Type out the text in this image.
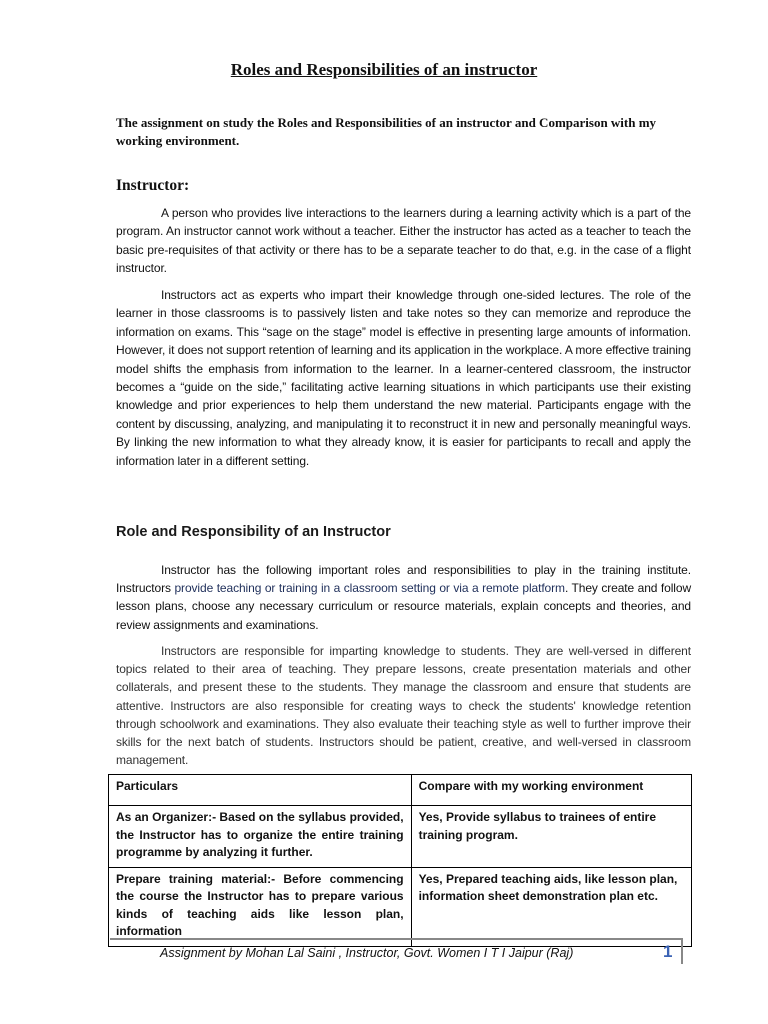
Roles and Responsibilities of an instructor
The assignment on study the Roles and Responsibilities of an instructor and Comparison with my working environment.
Instructor:
A person who provides live interactions to the learners during a learning activity which is a part of the program. An instructor cannot work without a teacher. Either the instructor has acted as a teacher to teach the basic pre-requisites of that activity or there has to be a separate teacher to do that, e.g. in the case of a flight instructor.
Instructors act as experts who impart their knowledge through one-sided lectures. The role of the learner in those classrooms is to passively listen and take notes so they can memorize and reproduce the information on exams. This “sage on the stage” model is effective in presenting large amounts of information. However, it does not support retention of learning and its application in the workplace. A more effective training model shifts the emphasis from information to the learner. In a learner-centered classroom, the instructor becomes a “guide on the side,” facilitating active learning situations in which participants use their existing knowledge and prior experiences to help them understand the new material. Participants engage with the content by discussing, analyzing, and manipulating it to reconstruct it in new and personally meaningful ways. By linking the new information to what they already know, it is easier for participants to recall and apply the information later in a different setting.
Role and Responsibility of an Instructor
Instructor has the following important roles and responsibilities to play in the training institute. Instructors provide teaching or training in a classroom setting or via a remote platform. They create and follow lesson plans, choose any necessary curriculum or resource materials, explain concepts and theories, and review assignments and examinations.
Instructors are responsible for imparting knowledge to students. They are well-versed in different topics related to their area of teaching. They prepare lessons, create presentation materials and other collaterals, and present these to the students. They manage the classroom and ensure that students are attentive. Instructors are also responsible for creating ways to check the students' knowledge retention through schoolwork and examinations. They also evaluate their teaching style as well to further improve their skills for the next batch of students. Instructors should be patient, creative, and well-versed in classroom management.
Particulars	Compare with my working environment
As an Organizer:- Based on the syllabus provided, the Instructor has to organize the entire training programme by analyzing it further.	Yes, Provide syllabus to trainees of entire training program.
Prepare training material:- Before commencing the course the Instructor has to prepare various kinds of teaching aids like lesson plan, information	Yes, Prepared teaching aids, like lesson plan, information sheet demonstration plan etc.
Assignment by Mohan Lal Saini , Instructor, Govt. Women I T I Jaipur (Raj)	1
